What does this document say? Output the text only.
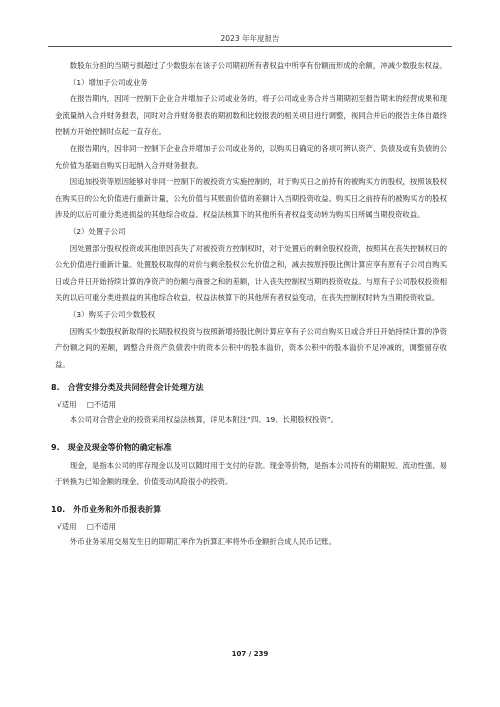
2023 年年度报告

数股东分担的当期亏损超过了少数股东在该子公司期初所有者权益中所享有份额而形成的余额，冲减少数股东权益。

（1）增加子公司或业务

在报告期内，因同一控制下企业合并增加子公司或业务的，将子公司或业务合并当期期初至报告期末的经营成果和现金流量纳入合并财务报表，同时对合并财务报表的期初数和比较报表的相关项目进行调整，视同合并后的报告主体自最终控制方开始控制时点起一直存在。

在报告期内，因非同一控制下企业合并增加子公司或业务的，以购买日确定的各项可辨认资产、负债及或有负债的公允价值为基础自购买日起纳入合并财务报表。

因追加投资等原因能够对非同一控制下的被投资方实施控制的，对于购买日之前持有的被购买方的股权，按照该股权在购买日的公允价值进行重新计量，公允价值与其账面价值的差额计入当期投资收益。购买日之前持有的被购买方的股权涉及的以后可重分类进损益的其他综合收益、权益法核算下的其他所有者权益变动转为购买日所属当期投资收益。

（2）处置子公司

因处置部分股权投资或其他原因丧失了对被投资方控制权时，对于处置后的剩余股权投资，按照其在丧失控制权日的公允价值进行重新计量。处置股权取得的对价与剩余股权公允价值之和，减去按原持股比例计算应享有原有子公司自购买日或合并日开始持续计算的净资产的份额与商誉之和的差额，计入丧失控制权当期的投资收益。与原有子公司股权投资相关的以后可重分类进损益的其他综合收益、权益法核算下的其他所有者权益变动，在丧失控制权时转为当期投资收益。

（3）购买子公司少数股权

因购买少数股权新取得的长期股权投资与按照新增持股比例计算应享有子公司自购买日或合并日开始持续计算的净资产份额之间的差额，调整合并资产负债表中的资本公积中的股本溢价，资本公积中的股本溢价不足冲减的，调整留存收益。

8.　合营安排分类及共同经营会计处理方法
√适用 □不适用

本公司对合营企业的投资采用权益法核算，详见本附注“四、19、长期股权投资”。

9.　现金及现金等价物的确定标准

现金，是指本公司的库存现金以及可以随时用于支付的存款。现金等价物，是指本公司持有的期限短、流动性强、易于转换为已知金额的现金、价值变动风险很小的投资。

10.　外币业务和外币报表折算
√适用 □不适用

外币业务采用交易发生日的即期汇率作为折算汇率将外币金额折合成人民币记账。

107 / 239
